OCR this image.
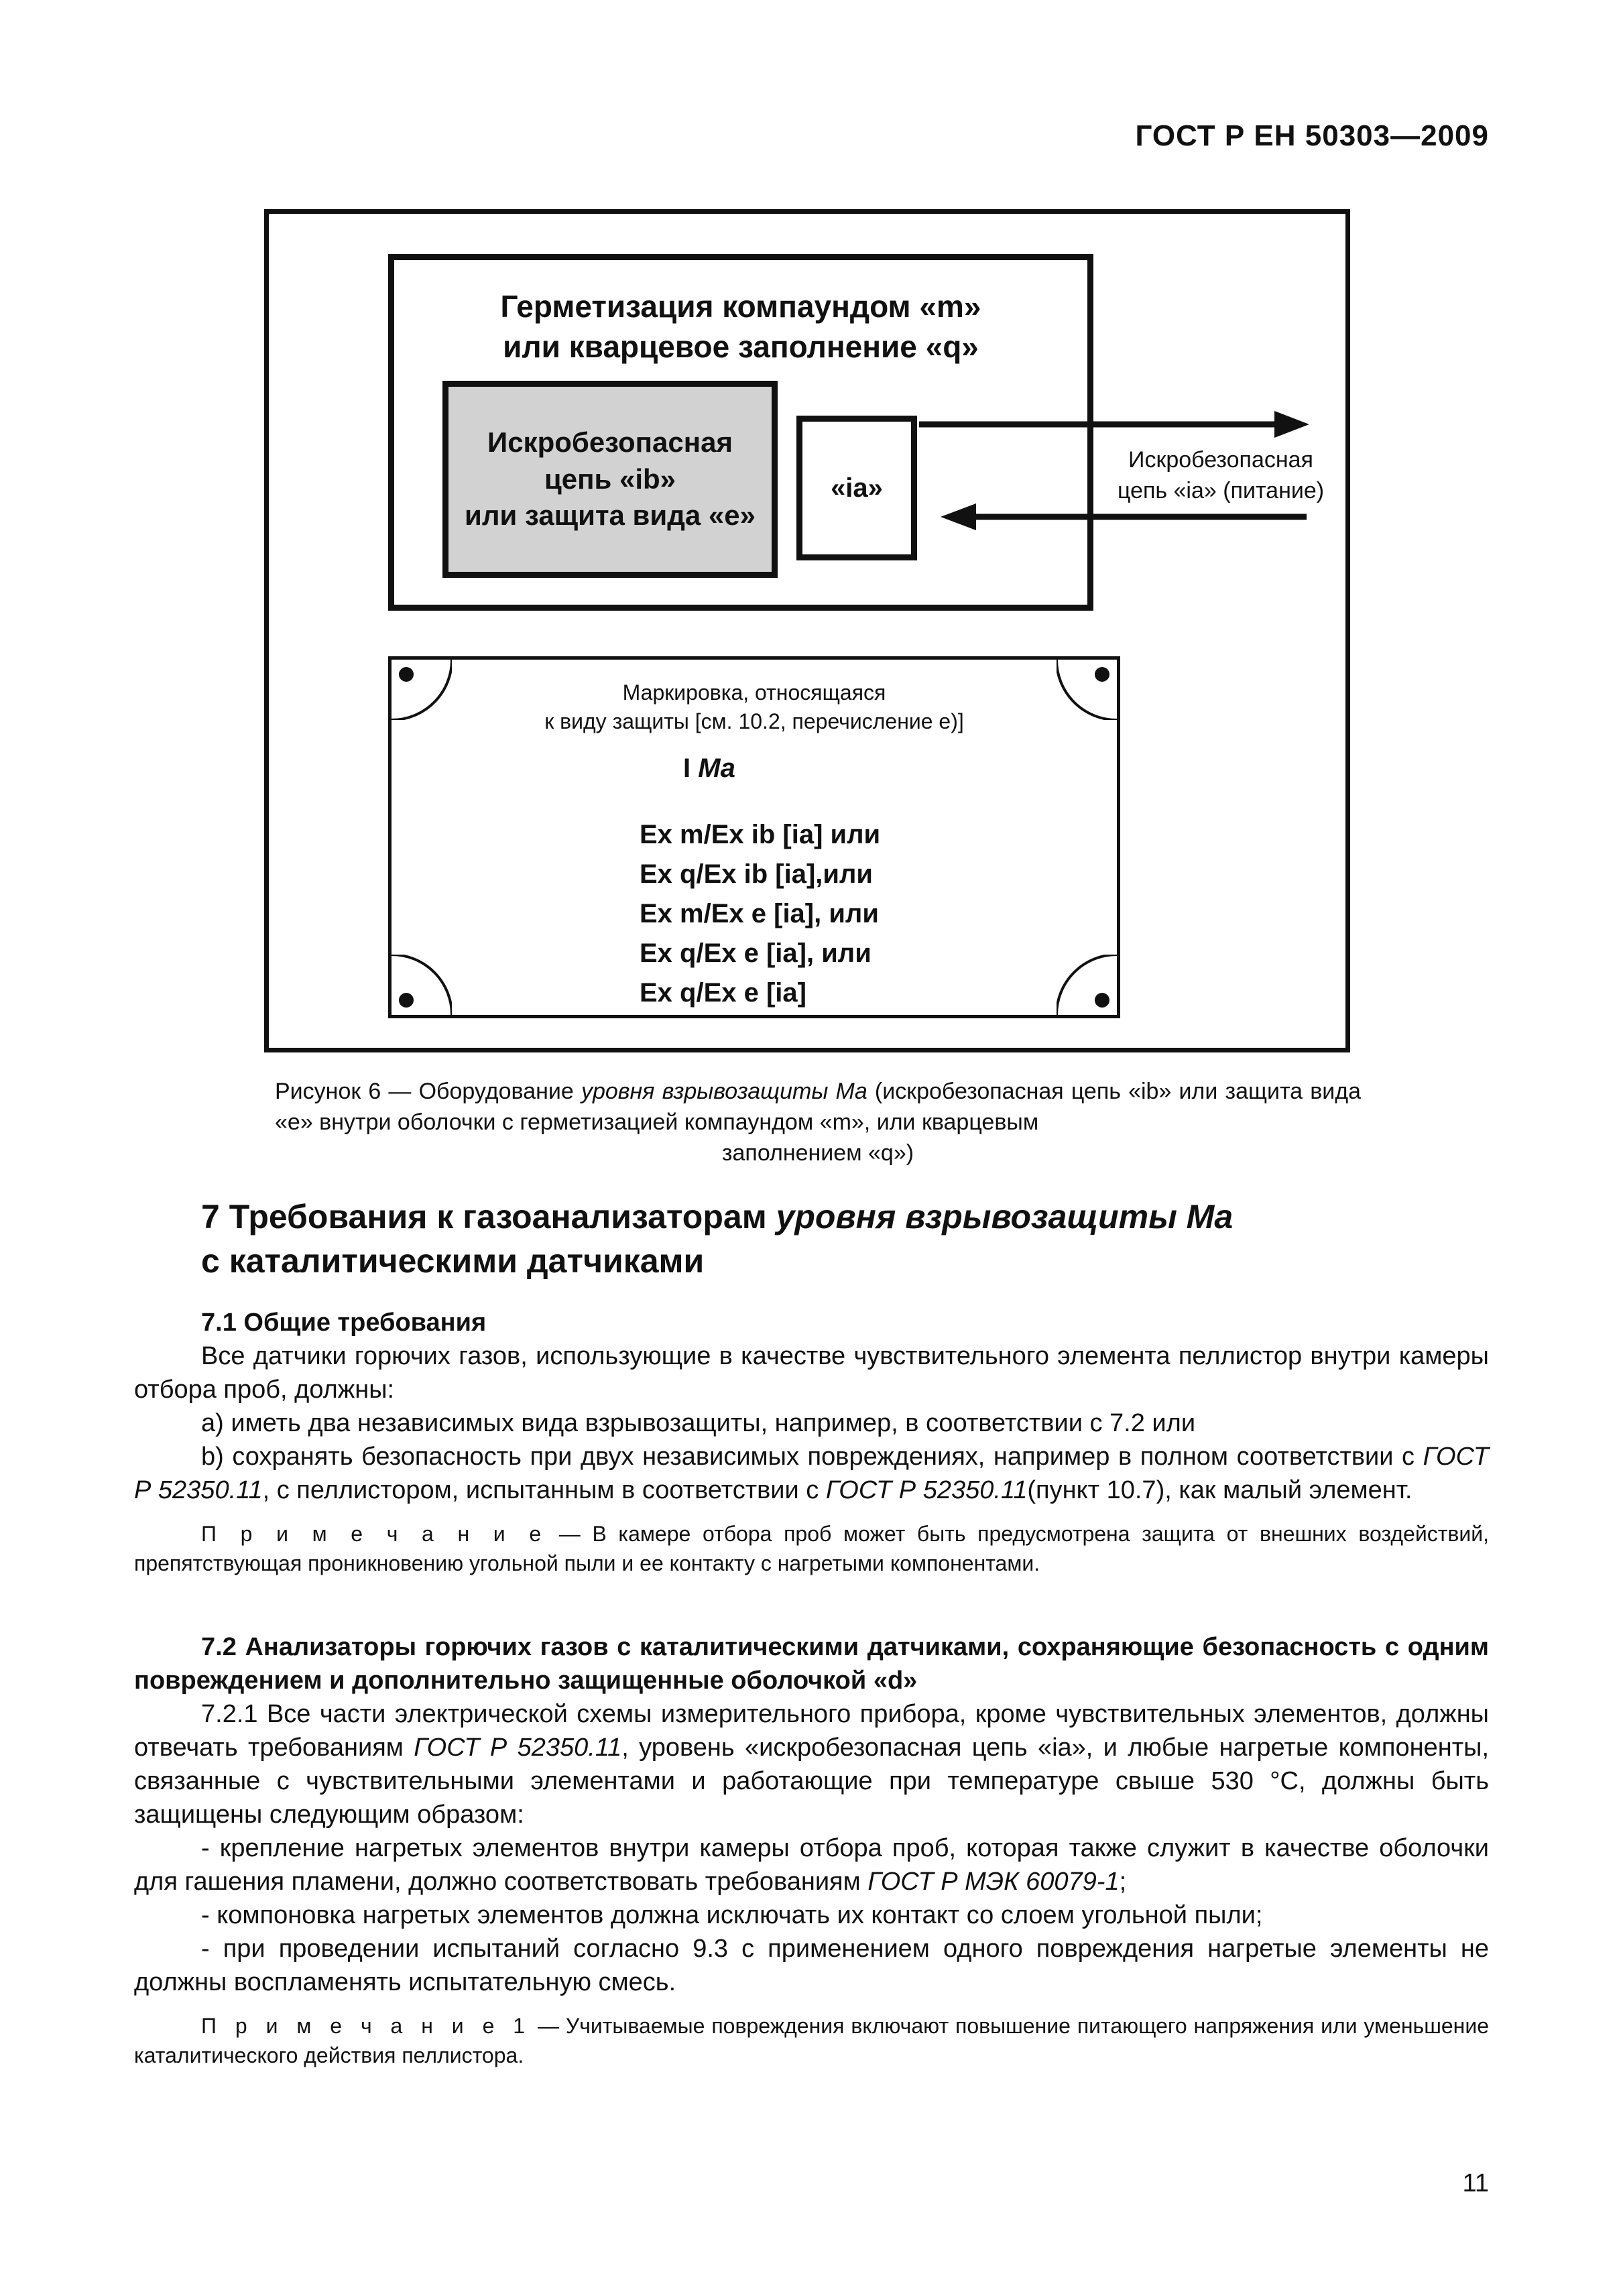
ГОСТ Р ЕН 50303—2009
Герметизация компаундом «m»
или кварцевое заполнение «q»
Искробезопасная
цепь «ib»
или защита вида «е»
«ia»
Искробезопасная
цепь «ia» (питание)
Маркировка, относящаяся
к виду защиты [см. 10.2, перечисление е)]
I Ma
Ex m/Ex ib [ia] или
Ex q/Ex ib [ia],или
Ex m/Ex e [ia], или
Ex q/Ex e [ia], или
Ex q/Ex e [ia]

Рисунок 6 — Оборудование уровня взрывозащиты Ma (искробезопасная цепь «ib» или защита вида «е» внутри оболочки с герметизацией компаундом «m», или кварцевым

заполнением «q»)

7 Требования к газоанализаторам уровня взрывозащиты Ma
с каталитическими датчиками

7.1 Общие требования

Все датчики горючих газов, использующие в качестве чувствительного элемента пеллистор внутри камеры отбора проб, должны:

a) иметь два независимых вида взрывозащиты, например, в соответствии с 7.2 или

b) сохранять безопасность при двух независимых повреждениях, например в полном соответствии с ГОСТ Р 52350.11, с пеллистором, испытанным в соответствии с ГОСТ Р 52350.11(пункт 10.7), как малый элемент.

П р и м е ч а н и е — В камере отбора проб может быть предусмотрена защита от внешних воздействий, препятствующая проникновению угольной пыли и ее контакту с нагретыми компонентами.

7.2 Анализаторы горючих газов с каталитическими датчиками, сохраняющие безопасность с одним повреждением и дополнительно защищенные оболочкой «d»

7.2.1 Все части электрической схемы измерительного прибора, кроме чувствительных элементов, должны отвечать требованиям ГОСТ Р 52350.11, уровень «искробезопасная цепь «ia», и любые нагретые компоненты, связанные с чувствительными элементами и работающие при температуре свыше 530 °С, должны быть защищены следующим образом:

- крепление нагретых элементов внутри камеры отбора проб, которая также служит в качестве оболочки для гашения пламени, должно соответствовать требованиям ГОСТ Р МЭК 60079-1;

- компоновка нагретых элементов должна исключать их контакт со слоем угольной пыли;

- при проведении испытаний согласно 9.3 с применением одного повреждения нагретые элементы не должны воспламенять испытательную смесь.

П р и м е ч а н и е 1 — Учитываемые повреждения включают повышение питающего напряжения или уменьшение каталитического действия пеллистора.

11
